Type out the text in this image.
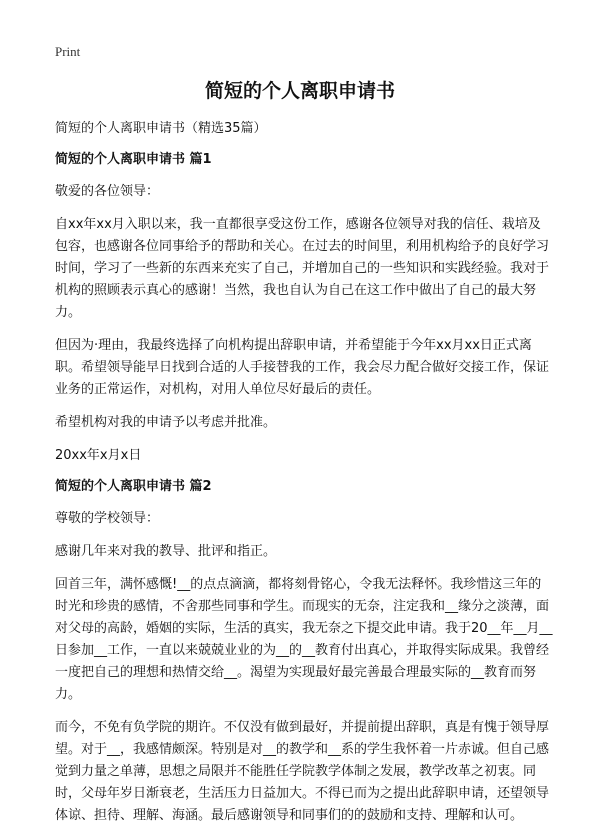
Print
简短的个人离职申请书

简短的个人离职申请书（精选35篇）

简短的个人离职申请书 篇1

敬爱的各位领导：

自xx年xx月入职以来，我一直都很享受这份工作，感谢各位领导对我的信任、栽培及包容，也感谢各位同事给予的帮助和关心。在过去的时间里，利用机构给予的良好学习时间，学习了一些新的东西来充实了自己，并增加自己的一些知识和实践经验。我对于机构的照顾表示真心的感谢！当然，我也自认为自己在这工作中做出了自己的最大努力。

但因为·理由，我最终选择了向机构提出辞职申请，并希望能于今年xx月xx日正式离职。希望领导能早日找到合适的人手接替我的工作，我会尽力配合做好交接工作，保证业务的正常运作，对机构，对用人单位尽好最后的责任。

希望机构对我的申请予以考虑并批准。

20xx年x月x日

简短的个人离职申请书 篇2

尊敬的学校领导：

感谢几年来对我的教导、批评和指正。

回首三年，满怀感慨!__的点点滴滴，都将刻骨铭心，令我无法释怀。我珍惜这三年的时光和珍贵的感情，不舍那些同事和学生。而现实的无奈，注定我和__缘分之淡薄，面对父母的高龄，婚姻的实际，生活的真实，我无奈之下提交此申请。我于20__年__月__日参加__工作，一直以来兢兢业业的为__的__教育付出真心，并取得实际成果。我曾经一度把自己的理想和热情交给__。渴望为实现最好最完善最合理最实际的__教育而努力。

而今，不免有负学院的期许。不仅没有做到最好，并提前提出辞职，真是有愧于领导厚望。对于__，我感情颇深。特别是对__的教学和__系的学生我怀着一片赤诚。但自己感觉到力量之单薄，思想之局限并不能胜任学院教学体制之发展，教学改革之初衷。同时，父母年岁日渐衰老，生活压力日益加大。不得已而为之提出此辞职申请，还望领导体谅、担待、理解、海涵。最后感谢领导和同事们的的鼓励和支持、理解和认可。
